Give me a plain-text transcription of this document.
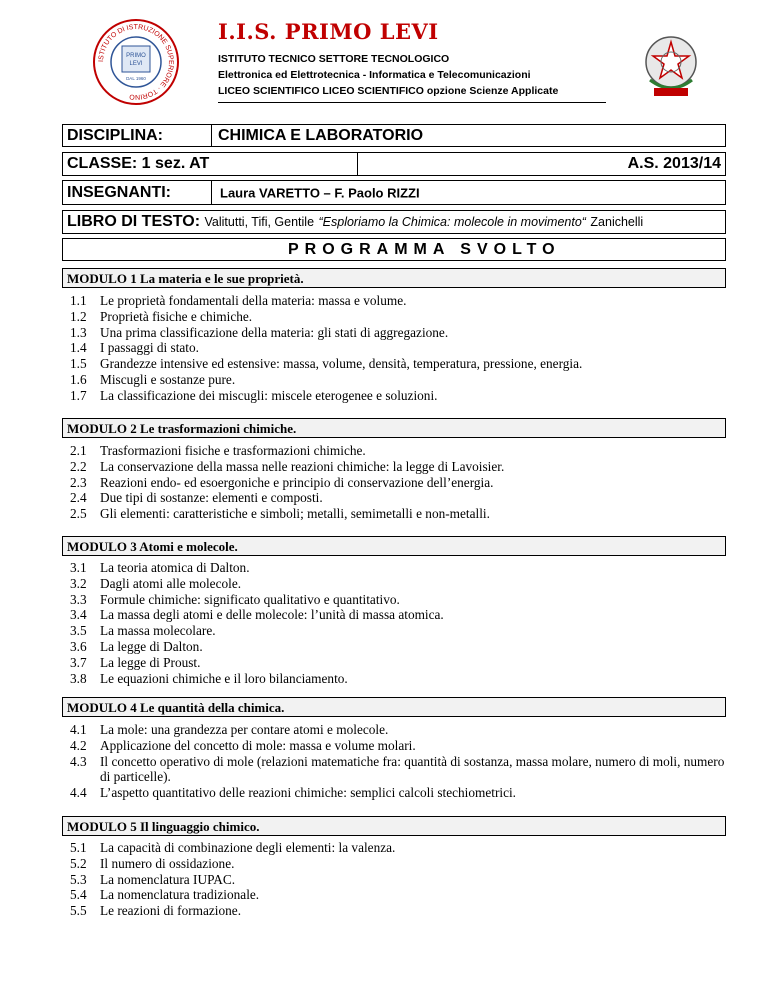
ISTITUTO DI ISTRUZIONE SUPERIORE · TORINO
PRIMO
LEVI
DAL 1960
I.I.S. PRIMO LEVI
ISTITUTO TECNICO SETTORE TECNOLOGICO
Elettronica ed Elettrotecnica - Informatica e Telecomunicazioni
LICEO SCIENTIFICO LICEO SCIENTIFICO opzione Scienze Applicate
DISCIPLINA:	CHIMICA E LABORATORIO
CLASSE: 1 sez. AT	A.S. 2013/14
INSEGNANTI:	Laura VARETTO – F. Paolo RIZZI
LIBRO DI TESTO: Valitutti, Tifi, Gentile “Esploriamo la Chimica: molecole in movimento“ Zanichelli
PROGRAMMA SVOLTO
MODULO 1 La materia e le sue proprietà.
1.1	Le proprietà fondamentali della materia: massa e volume.
1.2	Proprietà fisiche e chimiche.
1.3	Una prima classificazione della materia: gli stati di aggregazione.
1.4	I passaggi di stato.
1.5	Grandezze intensive ed estensive: massa, volume, densità, temperatura, pressione, energia.
1.6	Miscugli e sostanze pure.
1.7	La classificazione dei miscugli: miscele eterogenee e soluzioni.
MODULO 2 Le trasformazioni chimiche.
2.1	Trasformazioni fisiche e trasformazioni chimiche.
2.2	La conservazione della massa nelle reazioni chimiche: la legge di Lavoisier.
2.3	Reazioni endo- ed esoergoniche e principio di conservazione dell’energia.
2.4	Due tipi di sostanze: elementi e composti.
2.5	Gli elementi: caratteristiche e simboli; metalli, semimetalli e non-metalli.
MODULO 3 Atomi e molecole.
3.1	La teoria atomica di Dalton.
3.2	Dagli atomi alle molecole.
3.3	Formule chimiche: significato qualitativo e quantitativo.
3.4	La massa degli atomi e delle molecole: l’unità di massa atomica.
3.5	La massa molecolare.
3.6	La legge di Dalton.
3.7	La legge di Proust.
3.8	Le equazioni chimiche e il loro bilanciamento.
MODULO 4 Le quantità della chimica.
4.1	La mole: una grandezza per contare atomi e molecole.
4.2	Applicazione del concetto di mole: massa e volume molari.
4.3	Il concetto operativo di mole (relazioni matematiche fra: quantità di sostanza, massa molare, numero di moli, numero di particelle).
4.4	L’aspetto quantitativo delle reazioni chimiche: semplici calcoli stechiometrici.
MODULO 5 Il linguaggio chimico.
5.1	La capacità di combinazione degli elementi: la valenza.
5.2	Il numero di ossidazione.
5.3	La nomenclatura IUPAC.
5.4	La nomenclatura tradizionale.
5.5	Le reazioni di formazione.
